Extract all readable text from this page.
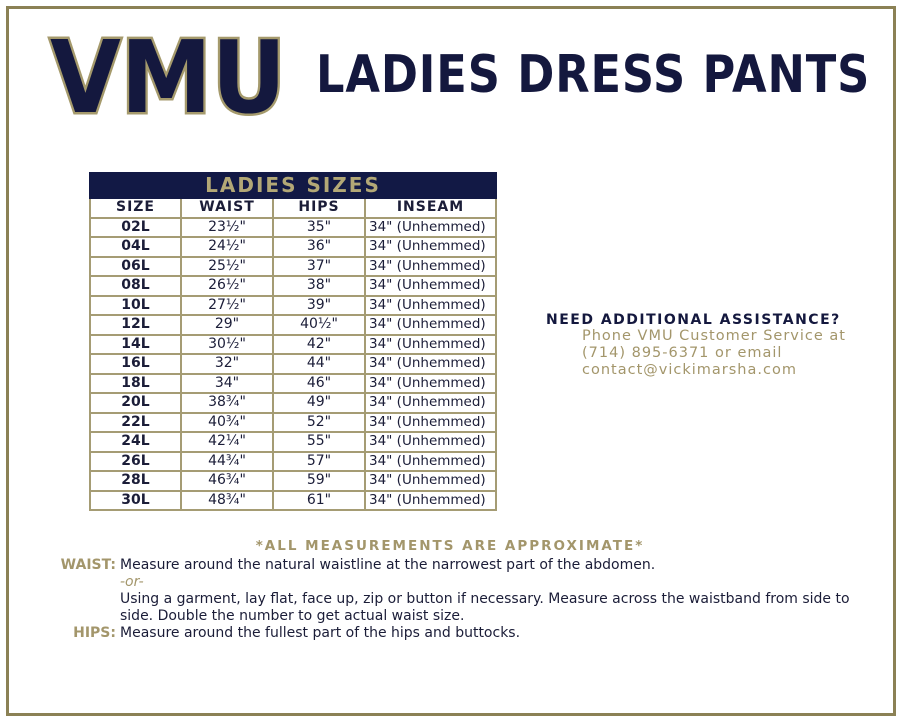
VMU LADIES DRESS PANTS
LADIES SIZES			
SIZE	WAIST	HIPS	INSEAM
02L	23½"	35"	34" (Unhemmed)
04L	24½"	36"	34" (Unhemmed)
06L	25½"	37"	34" (Unhemmed)
08L	26½"	38"	34" (Unhemmed)
10L	27½"	39"	34" (Unhemmed)
12L	29"	40½"	34" (Unhemmed)
14L	30½"	42"	34" (Unhemmed)
16L	32"	44"	34" (Unhemmed)
18L	34"	46"	34" (Unhemmed)
20L	38¾"	49"	34" (Unhemmed)
22L	40¾"	52"	34" (Unhemmed)
24L	42¼"	55"	34" (Unhemmed)
26L	44¾"	57"	34" (Unhemmed)
28L	46¾"	59"	34" (Unhemmed)
30L	48¾"	61"	34" (Unhemmed)
NEED ADDITIONAL ASSISTANCE?
Phone VMU Customer Service at (714) 895-6371 or email contact@vickimarsha.com
*ALL MEASUREMENTS ARE APPROXIMATE*
WAIST: Measure around the natural waistline at the narrowest part of the abdomen.
-or-
Using a garment, lay flat, face up, zip or button if necessary. Measure across the waistband from side to side. Double the number to get actual waist size.
HIPS: Measure around the fullest part of the hips and buttocks.
